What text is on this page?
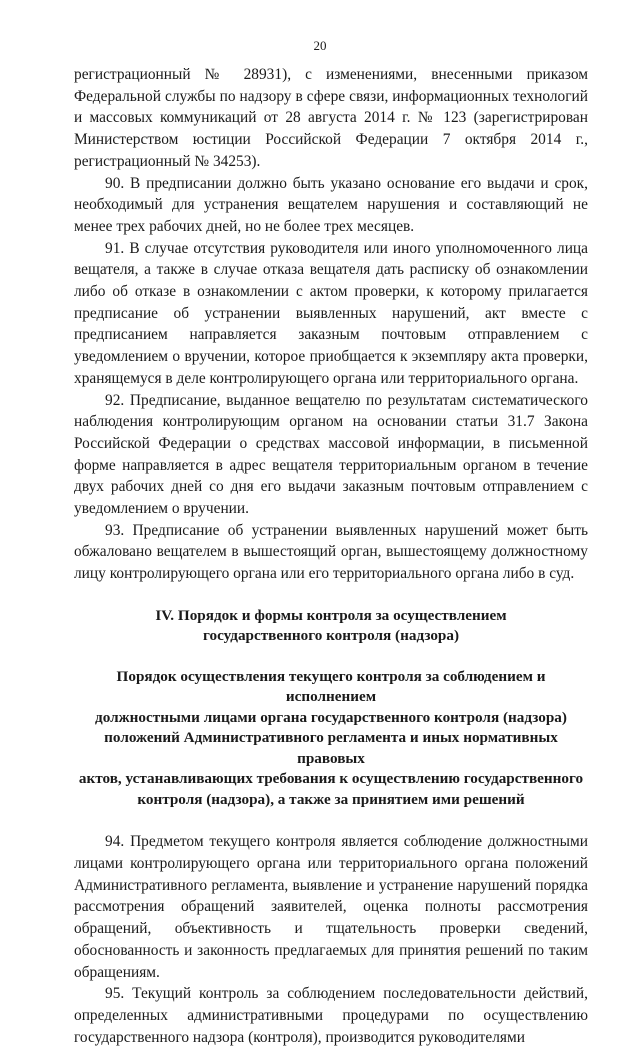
20

регистрационный № 28931), с изменениями, внесенными приказом Федеральной службы по надзору в сфере связи, информационных технологий и массовых коммуникаций от 28 августа 2014 г. № 123 (зарегистрирован Министерством юстиции Российской Федерации 7 октября 2014 г., регистрационный № 34253).

90. В предписании должно быть указано основание его выдачи и срок, необходимый для устранения вещателем нарушения и составляющий не менее трех рабочих дней, но не более трех месяцев.

91. В случае отсутствия руководителя или иного уполномоченного лица вещателя, а также в случае отказа вещателя дать расписку об ознакомлении либо об отказе в ознакомлении с актом проверки, к которому прилагается предписание об устранении выявленных нарушений, акт вместе с предписанием направляется заказным почтовым отправлением с уведомлением о вручении, которое приобщается к экземпляру акта проверки, хранящемуся в деле контролирующего органа или территориального органа.

92. Предписание, выданное вещателю по результатам систематического наблюдения контролирующим органом на основании статьи 31.7 Закона Российской Федерации о средствах массовой информации, в письменной форме направляется в адрес вещателя территориальным органом в течение двух рабочих дней со дня его выдачи заказным почтовым отправлением с уведомлением о вручении.

93. Предписание об устранении выявленных нарушений может быть обжаловано вещателем в вышестоящий орган, вышестоящему должностному лицу контролирующего органа или его территориального органа либо в суд.

IV. Порядок и формы контроля за осуществлением
государственного контроля (надзора)
Порядок осуществления текущего контроля за соблюдением и исполнением
должностными лицами органа государственного контроля (надзора)
положений Административного регламента и иных нормативных правовых
актов, устанавливающих требования к осуществлению государственного
контроля (надзора), а также за принятием ими решений

94. Предметом текущего контроля является соблюдение должностными лицами контролирующего органа или территориального органа положений Административного регламента, выявление и устранение нарушений порядка рассмотрения обращений заявителей, оценка полноты рассмотрения обращений, объективность и тщательность проверки сведений, обоснованность и законность предлагаемых для принятия решений по таким обращениям.

95. Текущий контроль за соблюдением последовательности действий, определенных административными процедурами по осуществлению государственного надзора (контроля), производится руководителями
